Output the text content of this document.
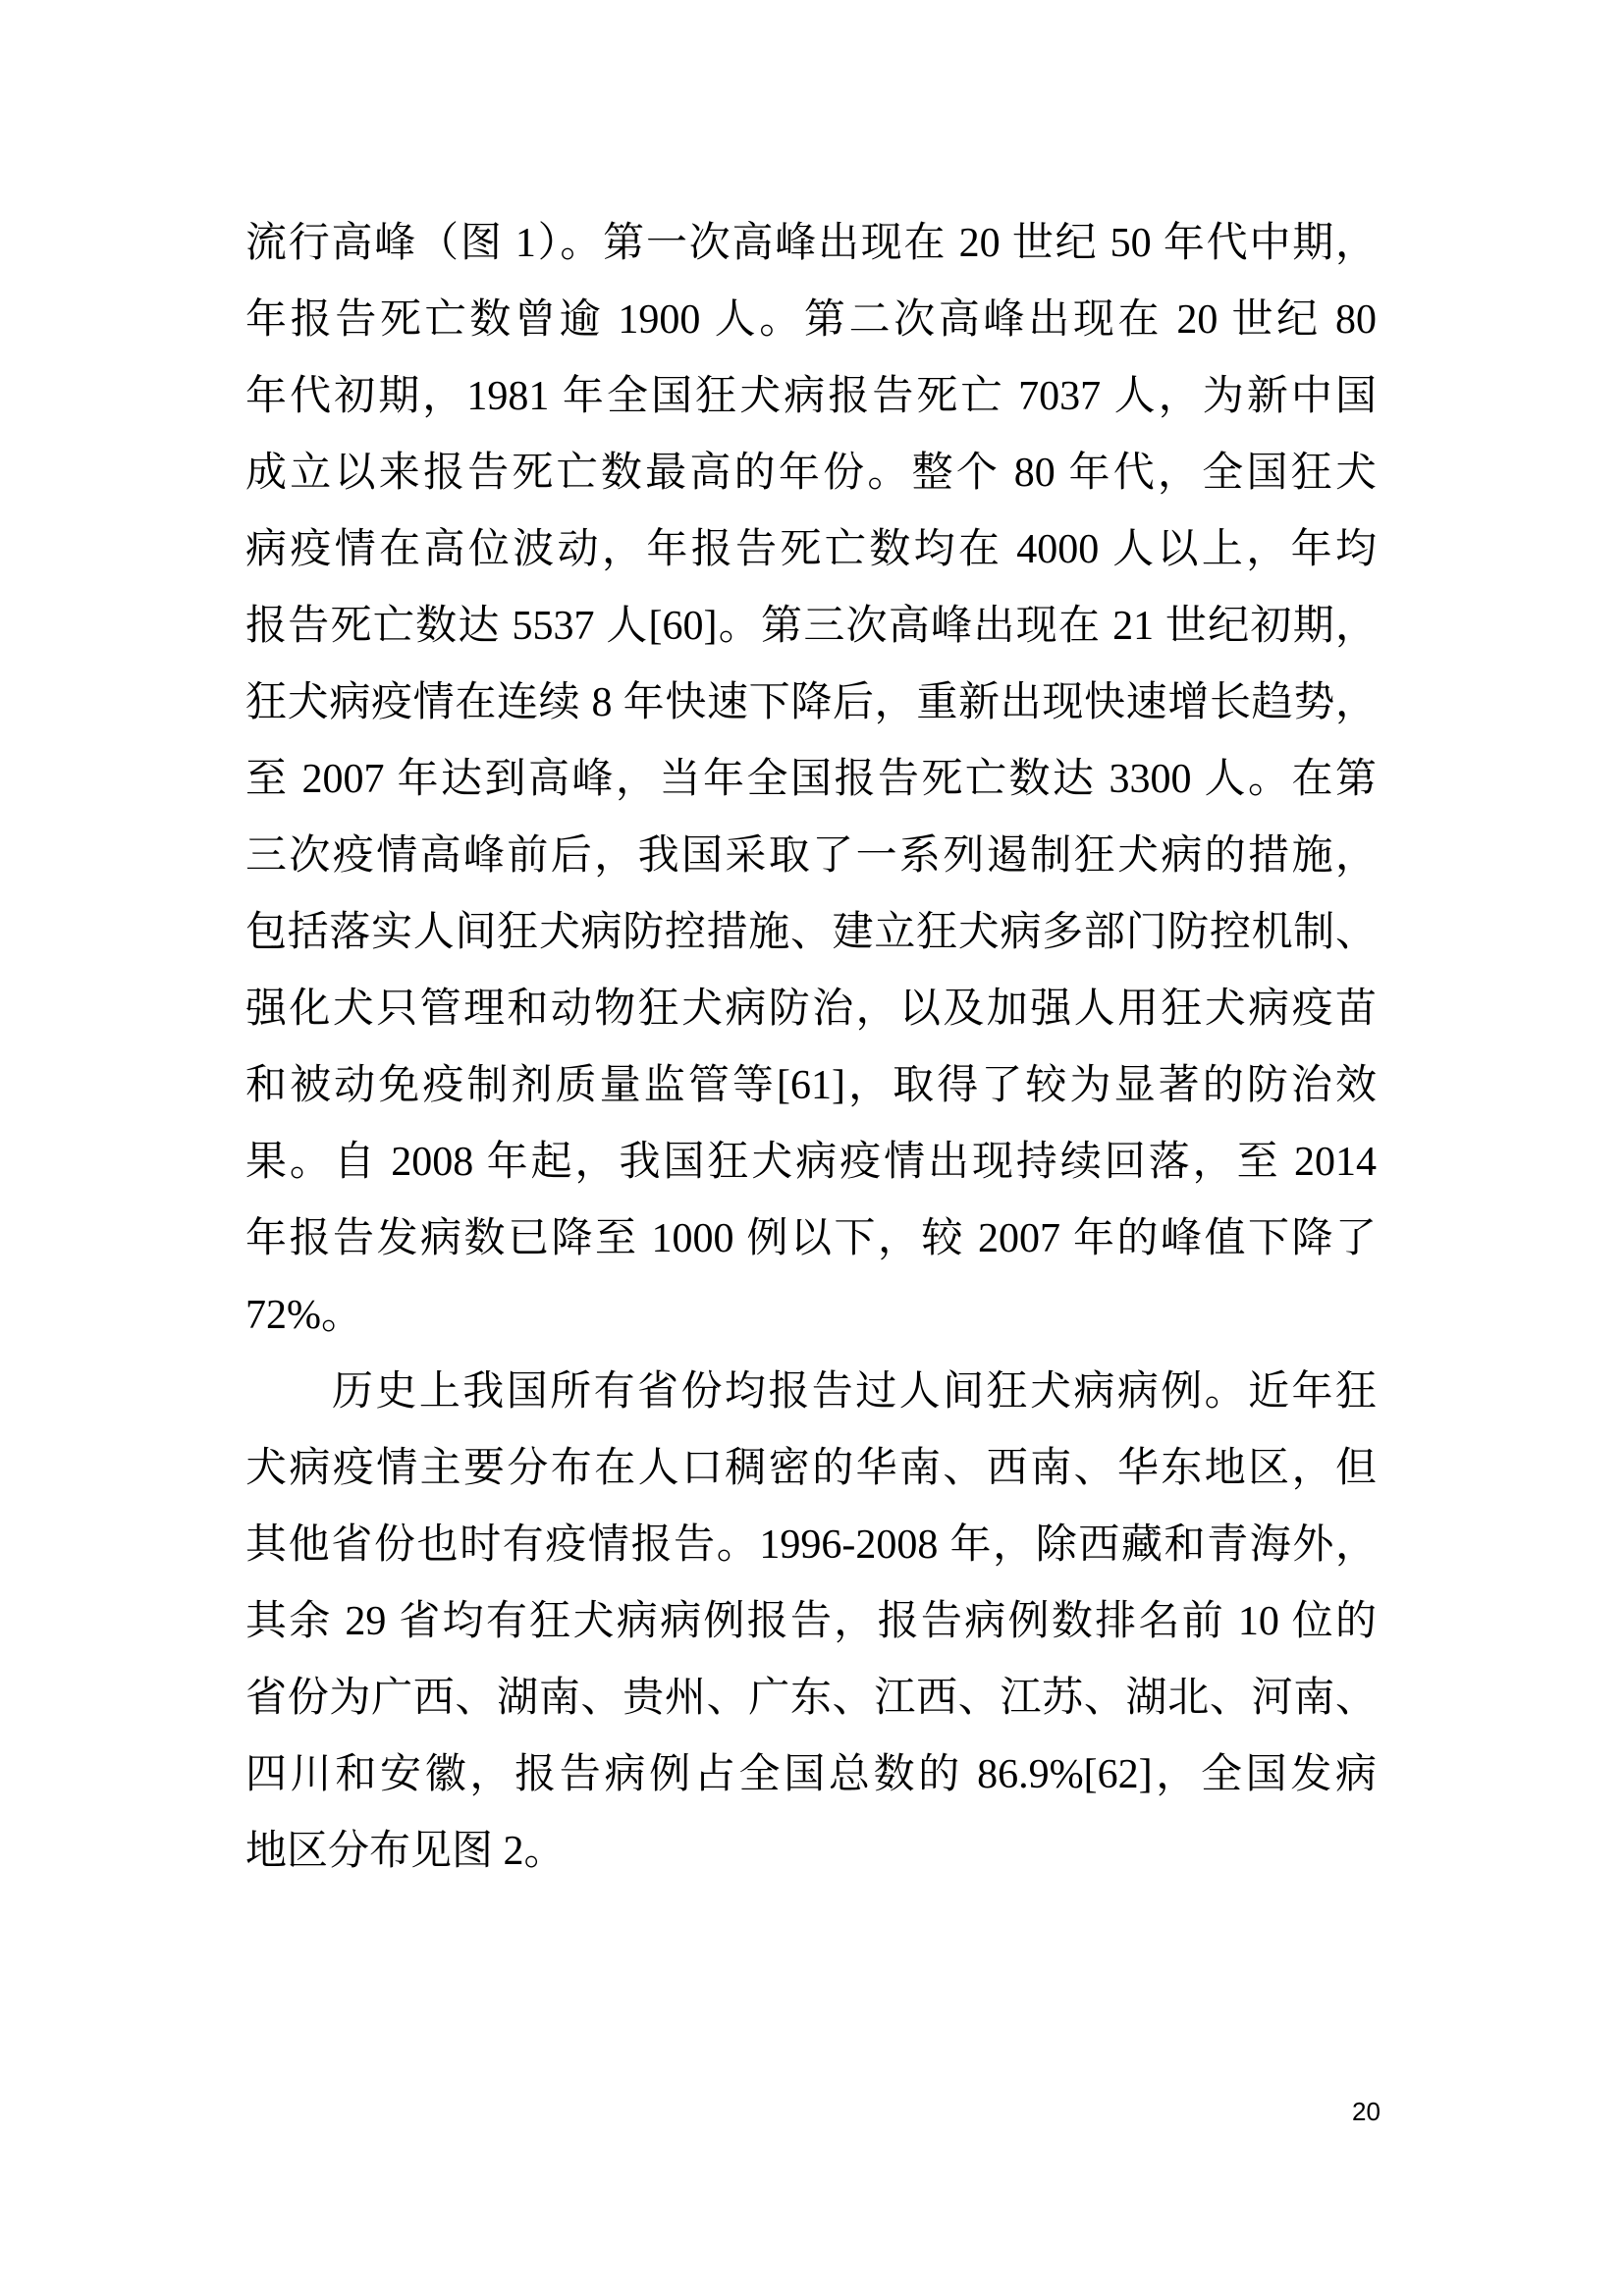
流行高峰（图 1）。第一次高峰出现在 20 世纪 50 年代中期，
年报告死亡数曾逾 1900 人。第二次高峰出现在 20 世纪 80
年代初期，1981 年全国狂犬病报告死亡 7037 人，为新中国
成立以来报告死亡数最高的年份。整个 80 年代，全国狂犬
病疫情在高位波动，年报告死亡数均在 4000 人以上，年均
报告死亡数达 5537 人[60]。第三次高峰出现在 21 世纪初期，
狂犬病疫情在连续 8 年快速下降后，重新出现快速增长趋势，
至 2007 年达到高峰，当年全国报告死亡数达 3300 人。在第
三次疫情高峰前后，我国采取了一系列遏制狂犬病的措施，
包括落实人间狂犬病防控措施、建立狂犬病多部门防控机制、
强化犬只管理和动物狂犬病防治，以及加强人用狂犬病疫苗
和被动免疫制剂质量监管等[61]，取得了较为显著的防治效
果。自 2008 年起，我国狂犬病疫情出现持续回落，至 2014
年报告发病数已降至 1000 例以下，较 2007 年的峰值下降了
72%。
历史上我国所有省份均报告过人间狂犬病病例。近年狂
犬病疫情主要分布在人口稠密的华南、西南、华东地区，但
其他省份也时有疫情报告。1996-2008 年，除西藏和青海外，
其余 29 省均有狂犬病病例报告，报告病例数排名前 10 位的
省份为广西、湖南、贵州、广东、江西、江苏、湖北、河南、
四川和安徽，报告病例占全国总数的 86.9%[62]，全国发病
地区分布见图 2。
20
